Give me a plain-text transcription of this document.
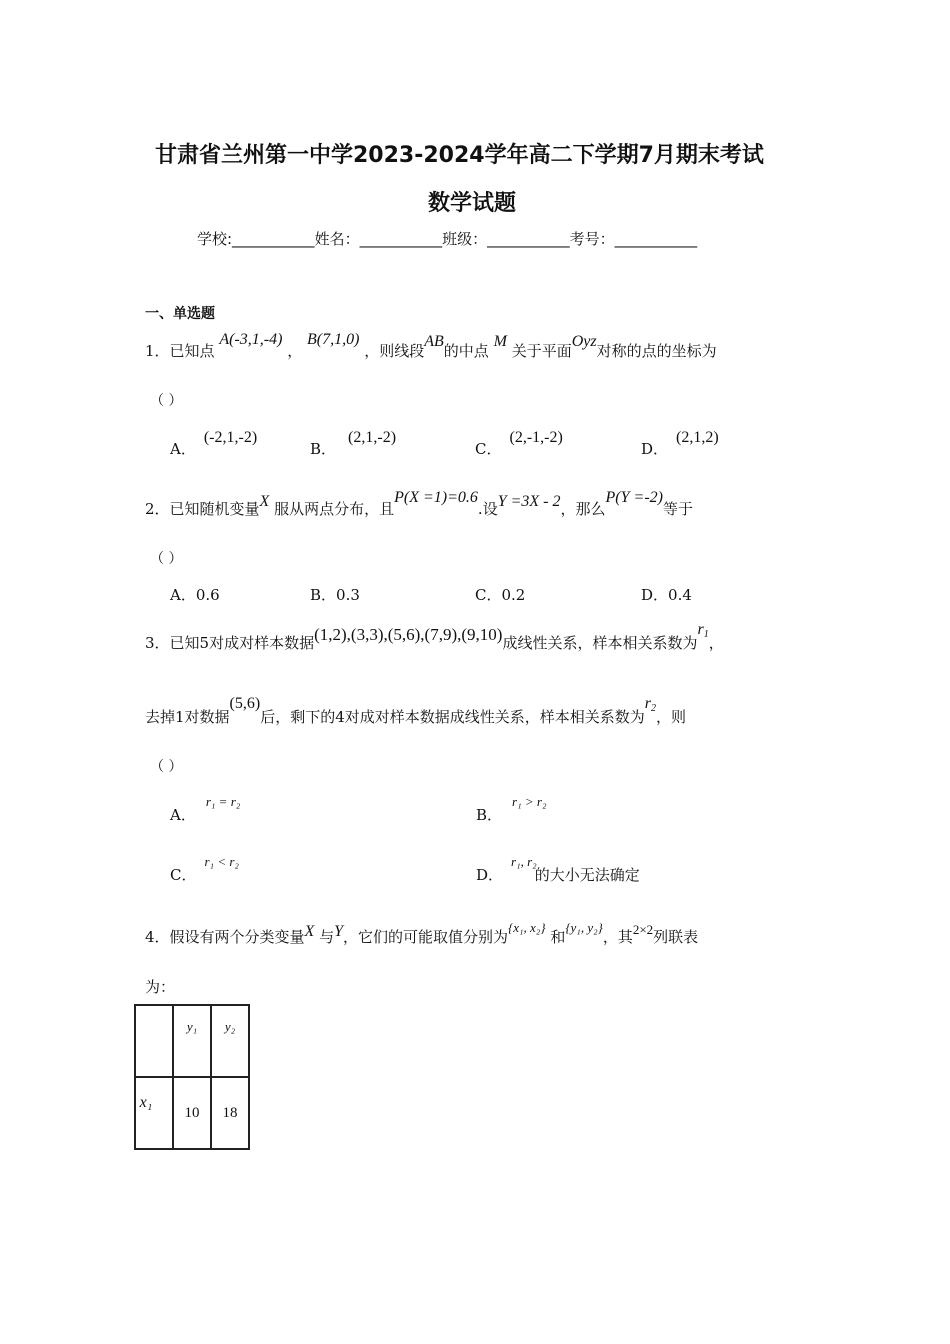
甘肃省兰州第一中学2023-2024学年高二下学期7月期末考试
数学试题
学校:___________姓名：___________班级：___________考号：___________
一、单选题
1．已知点 A(-3,1,-4) ， B(7,1,0) ，则线段AB的中点 M 关于平面Oyz对称的点的坐标为
（ ）
A．(-2,1,-2)
B．(2,1,-2)
C．(2,-1,-2)
D．(2,1,2)
2．已知随机变量X 服从两点分布，且P(X =1)=0.6.设Y =3X - 2，那么P(Y =-2)等于
（ ）
A．0.6	B．0.3	C．0.2	D．0.4
3．已知5对成对样本数据(1,2),(3,3),(5,6),(7,9),(9,10)成线性关系，样本相关系数为$r_1$，
去掉1对数据(5,6)后，剩下的4对成对样本数据成线性关系，样本相关系数为$r_2$，则
（ ）
A．r₁ = r₂
B．r₁ > r₂
C．r₁ < r₂
D．r₁, r₂的大小无法确定
4．假设有两个分类变量X 与Y，它们的可能取值分别为{x₁, x₂} 和{y₁, y₂}，其2×2列联表
为：
	y₁	y₂
x₁	10	18
